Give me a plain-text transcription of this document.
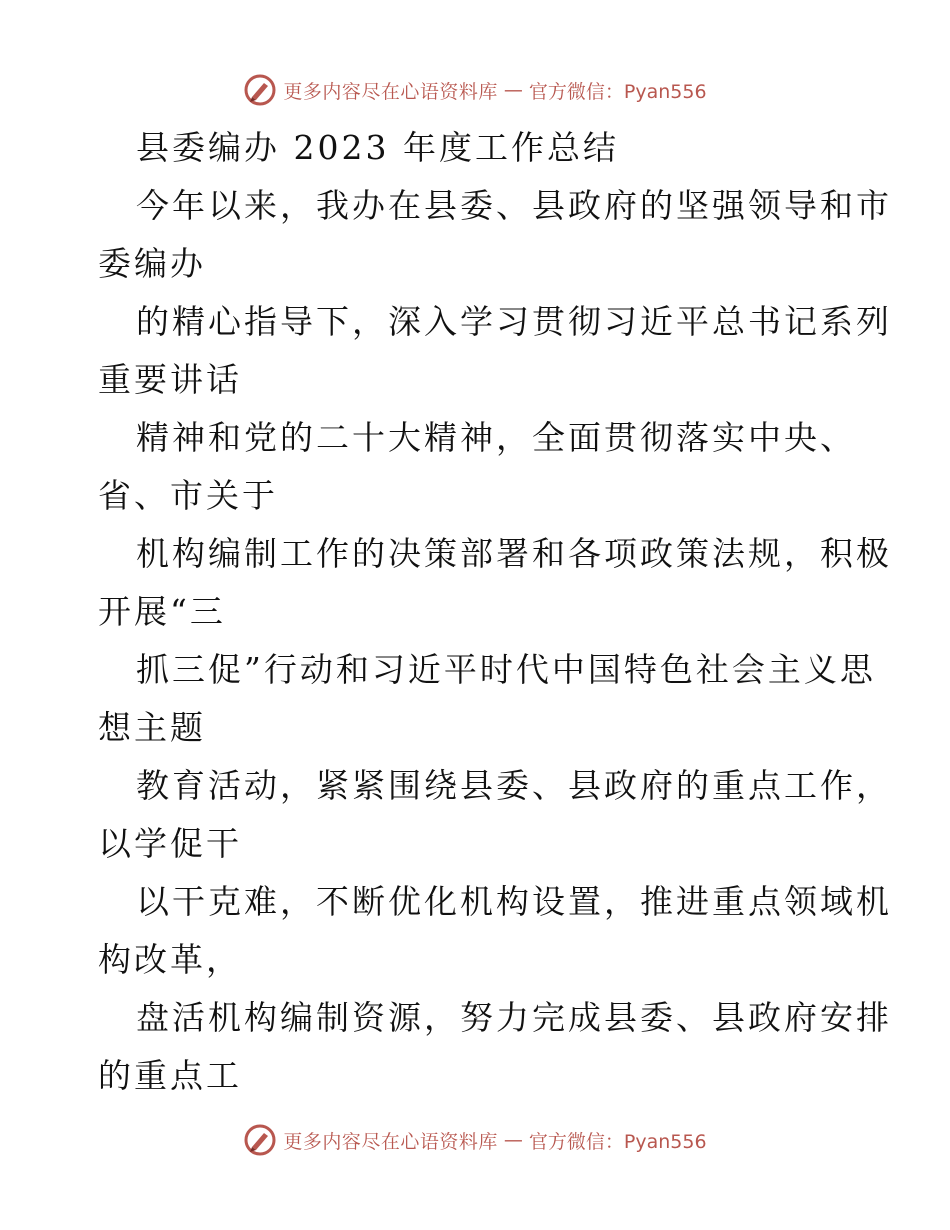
更多内容尽在心语资料库 — 官方微信：Pyan556
县委编办 2023 年度工作总结
今年以来，我办在县委、县政府的坚强领导和市
委编办
的精心指导下，深入学习贯彻习近平总书记系列
重要讲话
精神和党的二十大精神，全面贯彻落实中央、
省、市关于
机构编制工作的决策部署和各项政策法规，积极
开展“三
抓三促”行动和习近平时代中国特色社会主义思
想主题
教育活动，紧紧围绕县委、县政府的重点工作，
以学促干
以干克难，不断优化机构设置，推进重点领域机
构改革，
盘活机构编制资源，努力完成县委、县政府安排
的重点工
更多内容尽在心语资料库 — 官方微信：Pyan556
